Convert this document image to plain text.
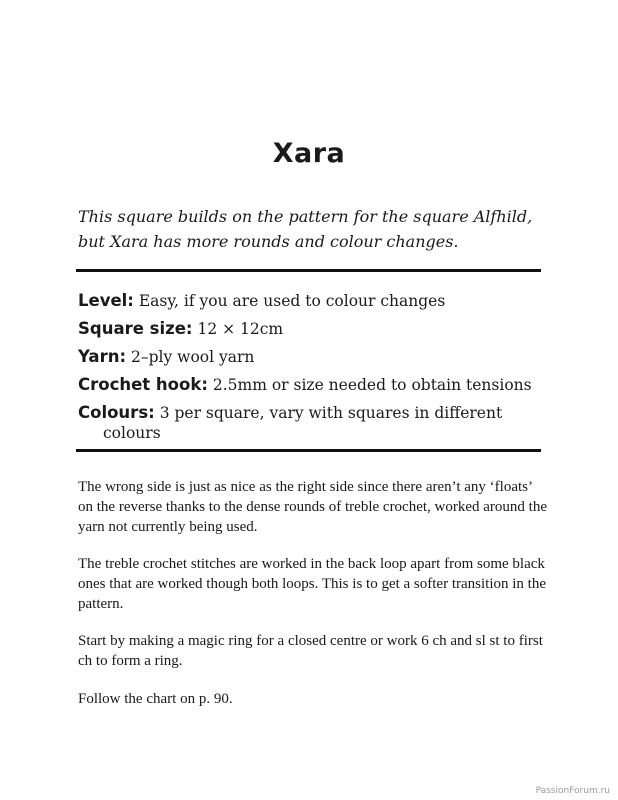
Xara
This square builds on the pattern for the square Alfhild, but Xara has more rounds and colour changes.
Level: Easy, if you are used to colour changes
Square size: 12 × 12cm
Yarn: 2–ply wool yarn
Crochet hook: 2.5mm or size needed to obtain tensions
Colours: 3 per square, vary with squares in different colours

The wrong side is just as nice as the right side since there aren’t any ‘floats’ on the reverse thanks to the dense rounds of treble crochet, worked around the yarn not currently being used.

The treble crochet stitches are worked in the back loop apart from some black ones that are worked though both loops. This is to get a softer transition in the pattern.

Start by making a magic ring for a closed centre or work 6 ch and sl st to first ch to form a ring.

Follow the chart on p. 90.

PassionForum.ru
